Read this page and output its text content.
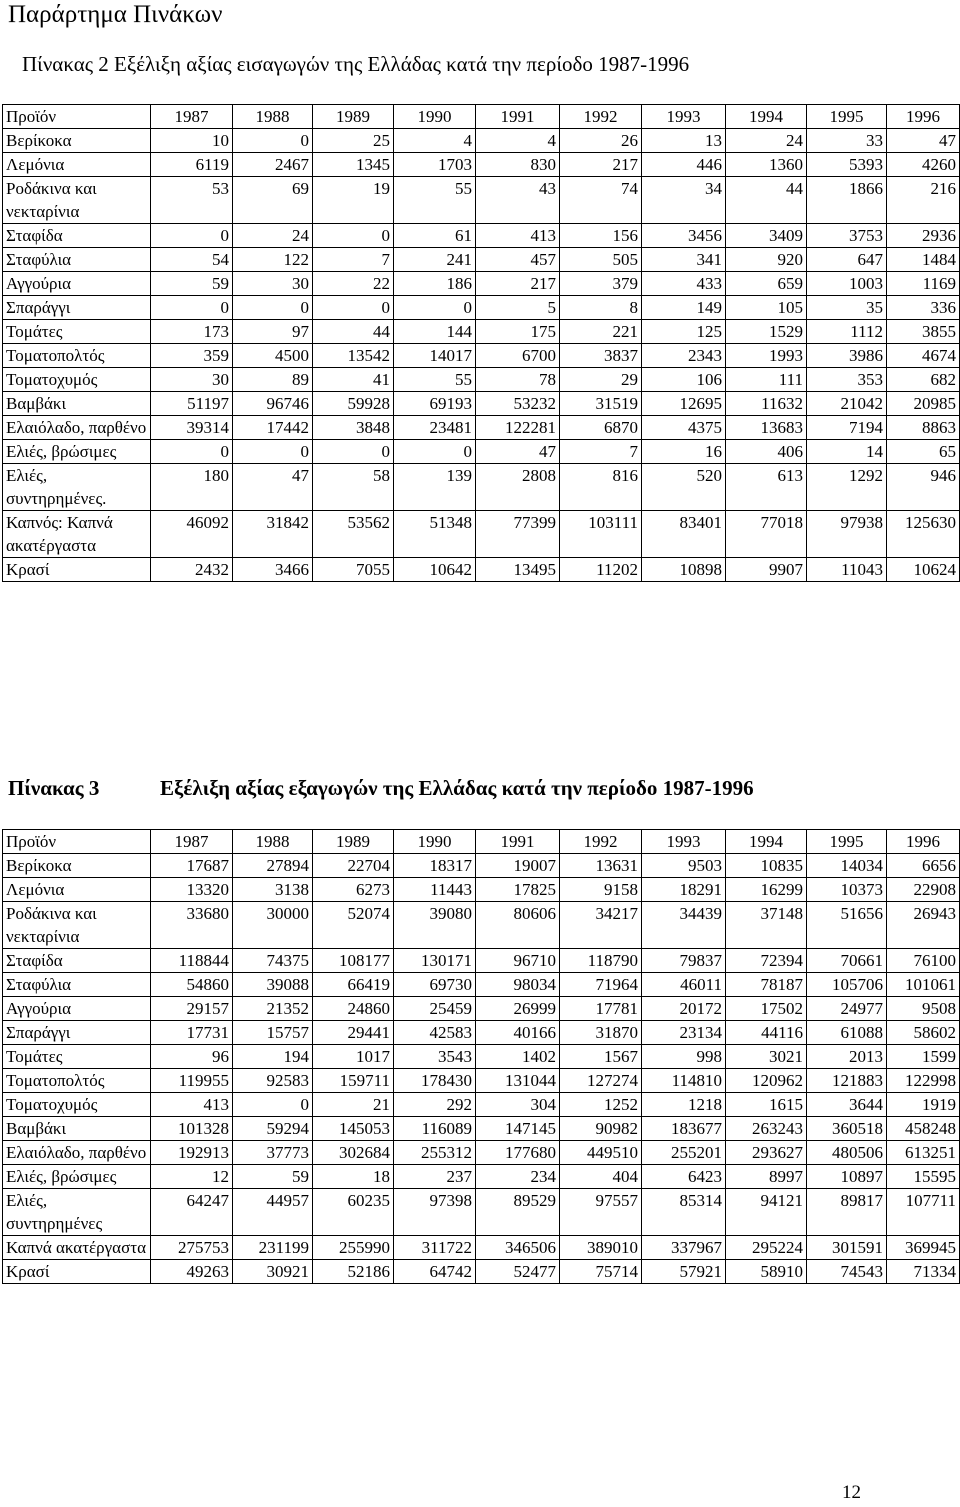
Παράρτημα Πινάκων
Πίνακας 2 Εξέλιξη αξίας εισαγωγών της Ελλάδας κατά την περίοδο 1987-1996
Προϊόν	1987	1988	1989	1990	1991	1992	1993	1994	1995	1996
Βερίκοκα	10	0	25	4	4	26	13	24	33	47
Λεμόνια	6119	2467	1345	1703	830	217	446	1360	5393	4260
Ροδάκινα και νεκταρίνια	53	69	19	55	43	74	34	44	1866	216
Σταφίδα	0	24	0	61	413	156	3456	3409	3753	2936
Σταφύλια	54	122	7	241	457	505	341	920	647	1484
Αγγούρια	59	30	22	186	217	379	433	659	1003	1169
Σπαράγγι	0	0	0	0	5	8	149	105	35	336
Τομάτες	173	97	44	144	175	221	125	1529	1112	3855
Τοματοπολτός	359	4500	13542	14017	6700	3837	2343	1993	3986	4674
Τοματοχυμός	30	89	41	55	78	29	106	111	353	682
Βαμβάκι	51197	96746	59928	69193	53232	31519	12695	11632	21042	20985
Ελαιόλαδο, παρθένο	39314	17442	3848	23481	122281	6870	4375	13683	7194	8863
Ελιές, βρώσιμες	0	0	0	0	47	7	16	406	14	65
Ελιές, συντηρημένες.	180	47	58	139	2808	816	520	613	1292	946
Καπνός: Καπνά ακατέργαστα	46092	31842	53562	51348	77399	103111	83401	77018	97938	125630
Κρασί	2432	3466	7055	10642	13495	11202	10898	9907	11043	10624
Πίνακας 3	Εξέλιξη αξίας εξαγωγών της Ελλάδας κατά την περίοδο 1987-1996
Προϊόν	1987	1988	1989	1990	1991	1992	1993	1994	1995	1996
Βερίκοκα	17687	27894	22704	18317	19007	13631	9503	10835	14034	6656
Λεμόνια	13320	3138	6273	11443	17825	9158	18291	16299	10373	22908
Ροδάκινα και νεκταρίνια	33680	30000	52074	39080	80606	34217	34439	37148	51656	26943
Σταφίδα	118844	74375	108177	130171	96710	118790	79837	72394	70661	76100
Σταφύλια	54860	39088	66419	69730	98034	71964	46011	78187	105706	101061
Αγγούρια	29157	21352	24860	25459	26999	17781	20172	17502	24977	9508
Σπαράγγι	17731	15757	29441	42583	40166	31870	23134	44116	61088	58602
Τομάτες	96	194	1017	3543	1402	1567	998	3021	2013	1599
Τοματοπολτός	119955	92583	159711	178430	131044	127274	114810	120962	121883	122998
Τοματοχυμός	413	0	21	292	304	1252	1218	1615	3644	1919
Βαμβάκι	101328	59294	145053	116089	147145	90982	183677	263243	360518	458248
Ελαιόλαδο, παρθένο	192913	37773	302684	255312	177680	449510	255201	293627	480506	613251
Ελιές, βρώσιμες	12	59	18	237	234	404	6423	8997	10897	15595
Ελιές, συντηρημένες	64247	44957	60235	97398	89529	97557	85314	94121	89817	107711
Καπνά ακατέργαστα	275753	231199	255990	311722	346506	389010	337967	295224	301591	369945
Κρασί	49263	30921	52186	64742	52477	75714	57921	58910	74543	71334
12
